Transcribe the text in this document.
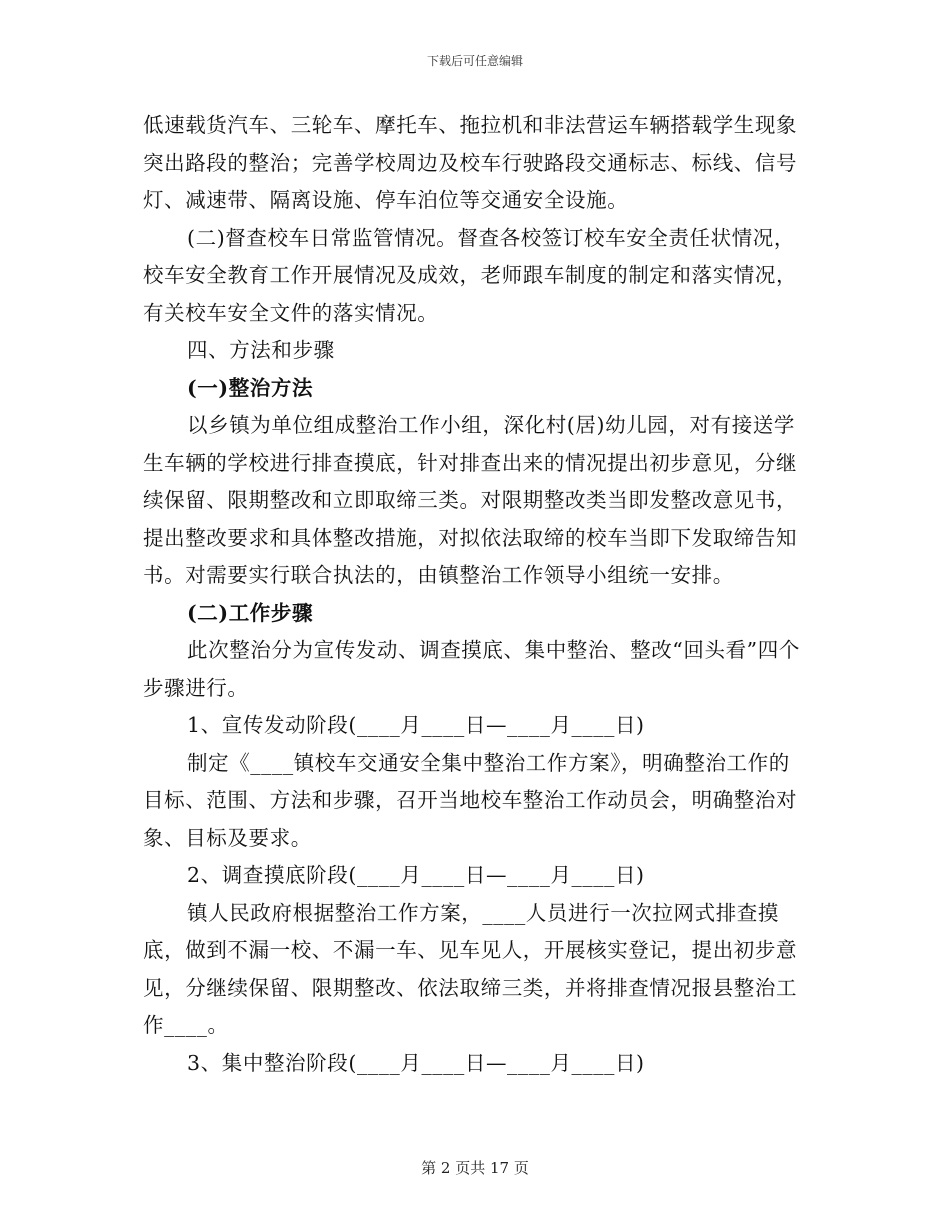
下载后可任意编辑

低速载货汽车、三轮车、摩托车、拖拉机和非法营运车辆搭载学生现象突出路段的整治；完善学校周边及校车行驶路段交通标志、标线、信号灯、减速带、隔离设施、停车泊位等交通安全设施。

(二)督查校车日常监管情况。督查各校签订校车安全责任状情况，校车安全教育工作开展情况及成效，老师跟车制度的制定和落实情况，有关校车安全文件的落实情况。

四、方法和步骤

(一)整治方法

以乡镇为单位组成整治工作小组，深化村(居)幼儿园，对有接送学生车辆的学校进行排查摸底，针对排查出来的情况提出初步意见，分继续保留、限期整改和立即取缔三类。对限期整改类当即发整改意见书，提出整改要求和具体整改措施，对拟依法取缔的校车当即下发取缔告知书。对需要实行联合执法的，由镇整治工作领导小组统一安排。

(二)工作步骤

此次整治分为宣传发动、调查摸底、集中整治、整改“回头看”四个步骤进行。

1、宣传发动阶段(____月____日—____月____日)

制定《____镇校车交通安全集中整治工作方案》，明确整治工作的目标、范围、方法和步骤，召开当地校车整治工作动员会，明确整治对象、目标及要求。

2、调查摸底阶段(____月____日—____月____日)

镇人民政府根据整治工作方案，____人员进行一次拉网式排查摸底，做到不漏一校、不漏一车、见车见人，开展核实登记，提出初步意见，分继续保留、限期整改、依法取缔三类，并将排查情况报县整治工作____。

3、集中整治阶段(____月____日—____月____日)

第 2 页共 17 页
